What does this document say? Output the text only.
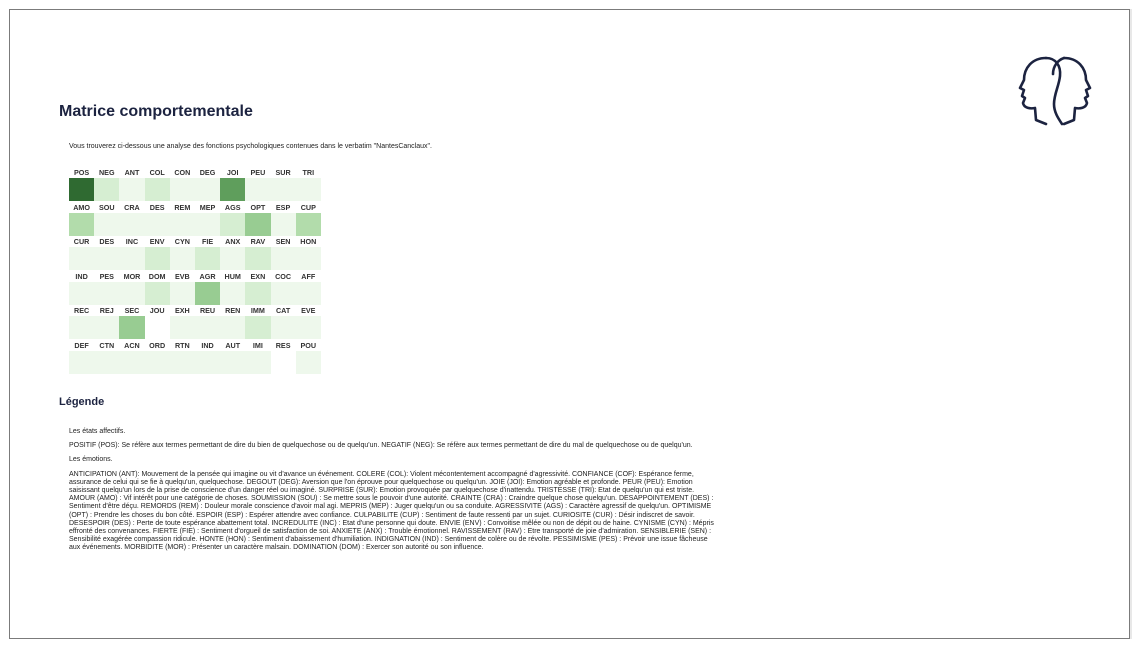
Matrice comportementale

Vous trouverez ci-dessous une analyse des fonctions psychologiques contenues dans le verbatim "NantesCanclaux".

POS	NEG	ANT	COL	CON	DEG	JOI	PEU	SUR	TRI
AMO	SOU	CRA	DES	REM	MEP	AGS	OPT	ESP	CUP
CUR	DES	INC	ENV	CYN	FIE	ANX	RAV	SEN	HON
IND	PES	MOR	DOM	EVB	AGR	HUM	EXN	COC	AFF
REC	REJ	SEC	JOU	EXH	REU	REN	IMM	CAT	EVE
DEF	CTN	ACN	ORD	RTN	IND	AUT	IMI	RES	POU
Légende

Les états affectifs.

POSITIF (POS): Se réfère aux termes permettant de dire du bien de quelquechose ou de quelqu'un. NEGATIF (NEG): Se réfère aux termes permettant de dire du mal de quelquechose ou de quelqu'un.

Les émotions.

ANTICIPATION (ANT): Mouvement de la pensée qui imagine ou vit d'avance un événement. COLERE (COL): Violent mécontentement accompagné d'agressivité. CONFIANCE (COF): Espérance ferme, assurance de celui qui se fie à quelqu'un, quelquechose. DEGOUT (DEG): Aversion que l'on éprouve pour quelquechose ou quelqu'un. JOIE (JOI): Emotion agréable et profonde. PEUR (PEU): Emotion saisissant quelqu'un lors de la prise de conscience d'un danger réel ou imaginé. SURPRISE (SUR): Emotion provoquée par quelquechose d'inattendu. TRISTESSE (TRI): Etat de quelqu'un qui est triste. AMOUR (AMO) : Vif intérêt pour une catégorie de choses. SOUMISSION (SOU) : Se mettre sous le pouvoir d'une autorité. CRAINTE (CRA) : Craindre quelque chose quelqu'un. DESAPPOINTEMENT (DES) : Sentiment d'être déçu. REMORDS (REM) : Douleur morale conscience d'avoir mal agi. MEPRIS (MEP) : Juger quelqu'un ou sa conduite. AGRESSIVITE (AGS) : Caractère agressif de quelqu'un. OPTIMISME (OPT) : Prendre les choses du bon côté. ESPOIR (ESP) : Espérer attendre avec confiance. CULPABILITE (CUP) : Sentiment de faute ressenti par un sujet. CURIOSITE (CUR) : Désir indiscret de savoir. DESESPOIR (DES) : Perte de toute espérance abattement total. INCREDULITE (INC) : Etat d'une personne qui doute. ENVIE (ENV) : Convoitise mêlée ou non de dépit ou de haine. CYNISME (CYN) : Mépris effronté des convenances. FIERTE (FIE) : Sentiment d'orgueil de satisfaction de soi. ANXIETE (ANX) : Trouble émotionnel. RAVISSEMENT (RAV) : Etre transporté de joie d'admiration. SENSIBLERIE (SEN) : Sensibilité exagérée compassion ridicule. HONTE (HON) : Sentiment d'abaissement d'humiliation. INDIGNATION (IND) : Sentiment de colère ou de révolte. PESSIMISME (PES) : Prévoir une issue fâcheuse aux événements. MORBIDITE (MOR) : Présenter un caractère malsain. DOMINATION (DOM) : Exercer son autorité ou son influence.
